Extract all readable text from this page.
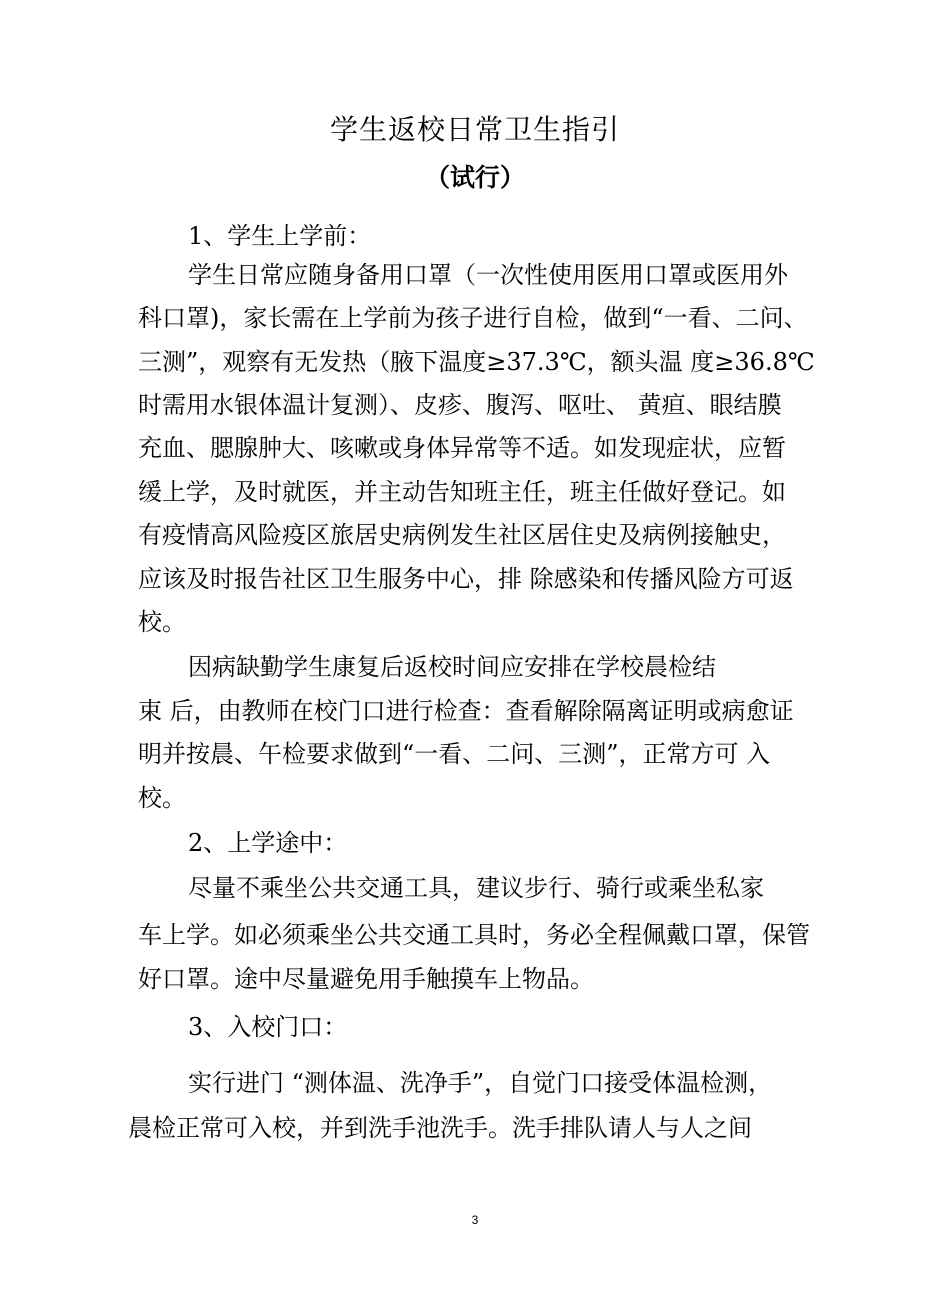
学生返校日常卫生指引
（试行）
1、学生上学前：
学生日常应随身备用口罩（一次性使用医用口罩或医用外
科口罩)，家长需在上学前为孩子进行自检，做到“一看、二问、
三测”，观察有无发热（腋下温度≥37.3℃，额头温 度≥36.8℃
时需用水银体温计复测）、皮疹、腹泻、呕吐、 黄疸、眼结膜
充血、腮腺肿大、咳嗽或身体异常等不适。如发现症状，应暂
缓上学，及时就医，并主动告知班主任，班主任做好登记。如
有疫情高风险疫区旅居史病例发生社区居住史及病例接触史，
应该及时报告社区卫生服务中心，排 除感染和传播风险方可返
校。
因病缺勤学生康复后返校时间应安排在学校晨检结
束 后，由教师在校门口进行检查：查看解除隔离证明或病愈证
明并按晨、午检要求做到“一看、二问、三测”，正常方可 入
校。
2、上学途中：
尽量不乘坐公共交通工具，建议步行、骑行或乘坐私家
车上学。如必须乘坐公共交通工具时，务必全程佩戴口罩，保管
好口罩。途中尽量避免用手触摸车上物品。
3、入校门口：
实行进门 “测体温、洗净手”，自觉门口接受体温检测，
晨检正常可入校，并到洗手池洗手。洗手排队请人与人之间
3
